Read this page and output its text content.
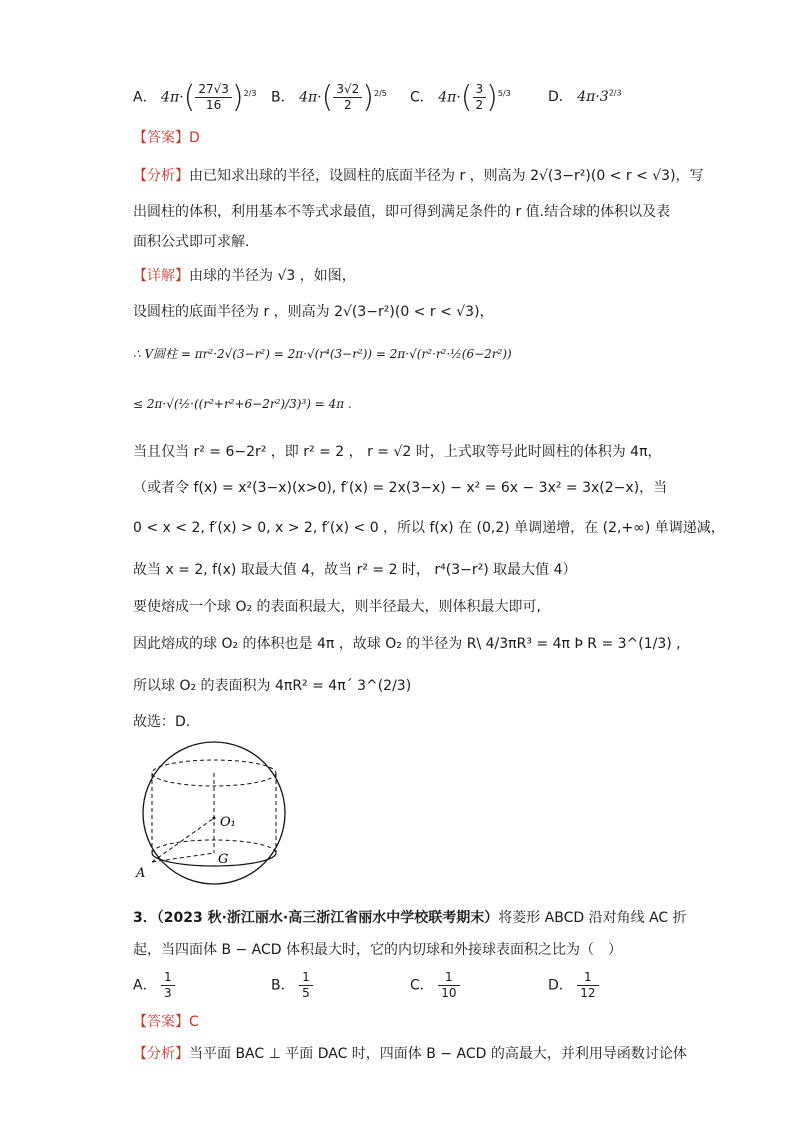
A． $4\pi\cdot( \frac{27√3}{16} )^{2/3}$ B． $4\pi\cdot( \frac{3√2}{2} )^{2/5}$ C． $4\pi\cdot( \frac{3}{2} )^{5/3}$	D． $4\pi\cdot 3^{2/3}$
【答案】D
【分析】由已知求出球的半径，设圆柱的底面半径为 r ，则高为 2√(3−r²)(0 < r < √3)，写
出圆柱的体积，利用基本不等式求最值，即可得到满足条件的 r 值.结合球的体积以及表
面积公式即可求解.
【详解】由球的半径为 √3 ，如图，
设圆柱的底面半径为 r ，则高为 2√(3−r²)(0 < r < √3)，
∴ V圆柱 = πr²·2√(3−r²) = 2π·√(r⁴(3−r²)) = 2π·√(r²·r²·½(6−2r²))
≤ 2π·√(½·((r²+r²+6−2r²)/3)³) = 4π .
当且仅当 r² = 6−2r² ，即 r² = 2 ， r = √2 时，上式取等号此时圆柱的体积为 4π，
（或者令 f(x) = x²(3−x)(x>0), f′(x) = 2x(3−x) − x² = 6x − 3x² = 3x(2−x)，当
0 < x < 2, f′(x) > 0, x > 2, f′(x) < 0 ，所以 f(x) 在 (0,2) 单调递增，在 (2,+∞) 单调递减，
故当 x = 2, f(x) 取最大值 4，故当 r² = 2 时， r⁴(3−r²) 取最大值 4）
要使熔成一个球 O₂ 的表面积最大，则半径最大，则体积最大即可,
因此熔成的球 O₂ 的体积也是 4π ，故球 O₂ 的半径为 R\ 4/3πR³ = 4π Þ R = 3^(1/3) ,
所以球 O₂ 的表面积为 4πR² = 4π´ 3^(2/3)
故选：D.
O₁
G
A
3．（2023 秋·浙江丽水·高三浙江省丽水中学校联考期末）将菱形 ABCD 沿对角线 AC 折
起，当四面体 B − ACD 体积最大时，它的内切球和外接球表面积之比为（　）
A． $\frac{1}{3}$	B． $\frac{1}{5}$	C． $\frac{1}{10}$	D． $\frac{1}{12}$
【答案】C
【分析】当平面 BAC ⊥ 平面 DAC 时，四面体 B − ACD 的高最大，并利用导函数讨论体
